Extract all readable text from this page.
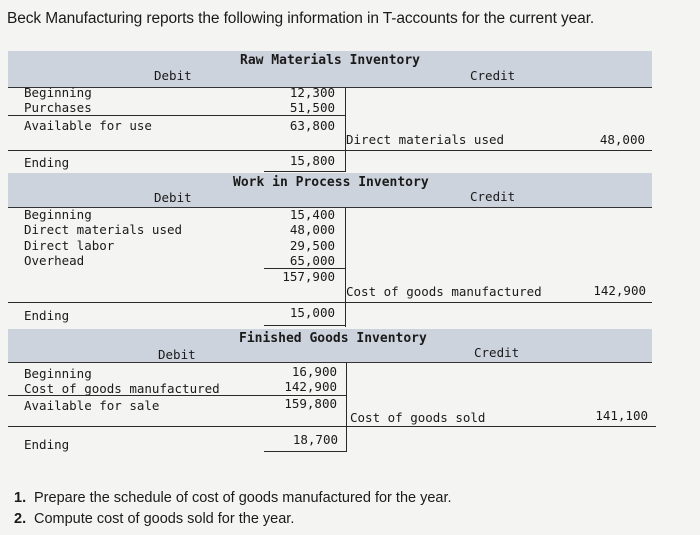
Beck Manufacturing reports the following information in T-accounts for the current year.
Raw Materials Inventory
Debit	Credit
Beginning	12,300
Purchases	51,500
Available for use	63,800
Direct materials used	48,000
Ending	15,800
Work in Process Inventory
Debit	Credit
Beginning	15,400
Direct materials used	48,000
Direct labor	29,500
Overhead	65,000
157,900
Cost of goods manufactured	142,900
Ending	15,000
Finished Goods Inventory
Debit	Credit
Beginning	16,900
Cost of goods manufactured	142,900
Available for sale	159,800
Cost of goods sold	141,100
Ending	18,700
1. Prepare the schedule of cost of goods manufactured for the year.
2. Compute cost of goods sold for the year.
